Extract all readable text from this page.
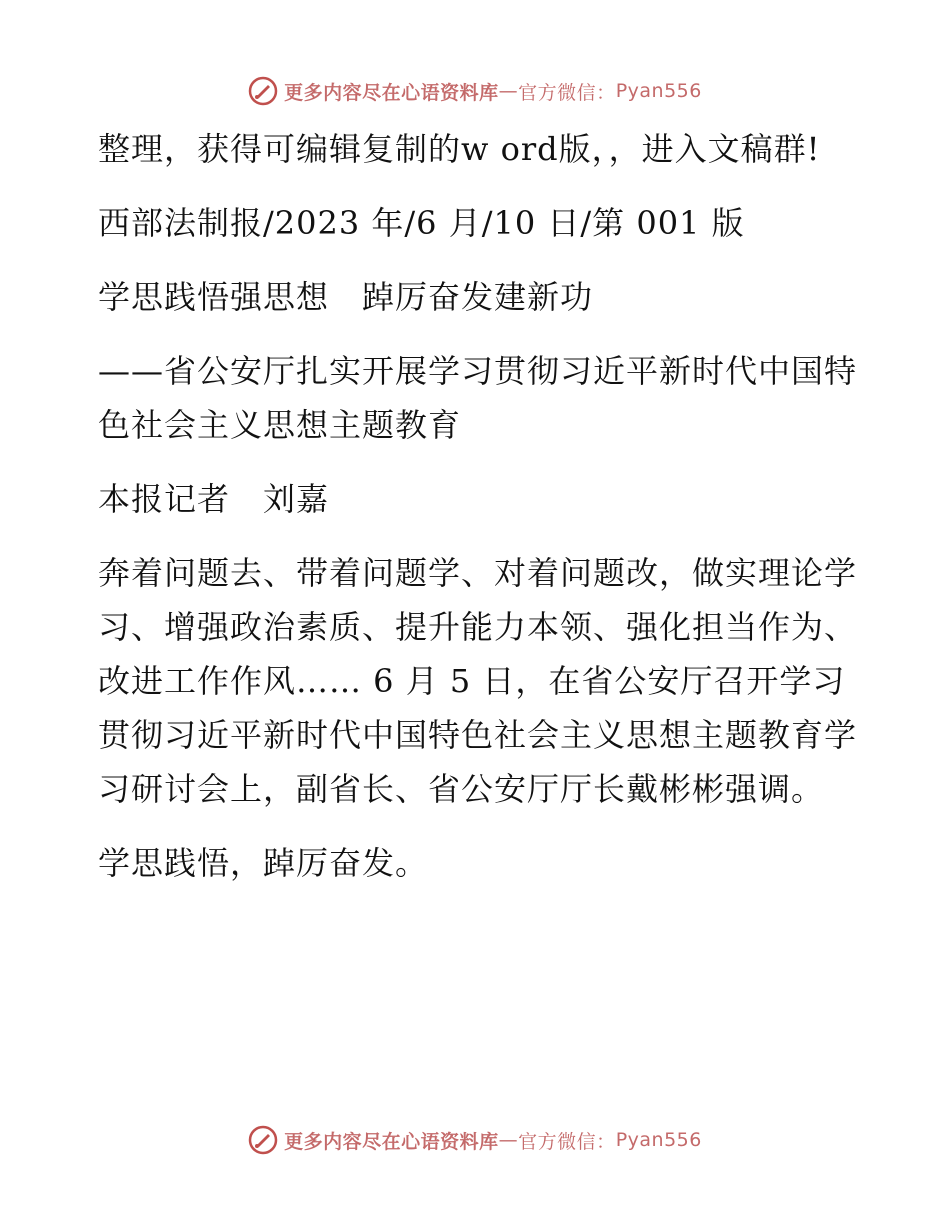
更多内容尽在心语资料库 — 官方微信： Pyan556

整理，获得可编辑复制的w ord版，，进入文稿群!

西部法制报/2023 年/6 月/10 日/第 001 版

学思践悟强思想　踔厉奋发建新功

——省公安厅扎实开展学习贯彻习近平新时代中国特色社会主义思想主题教育

本报记者　刘嘉

奔着问题去、带着问题学、对着问题改，做实理论学习、增强政治素质、提升能力本领、强化担当作为、改进工作作风…… 6 月 5 日，在省公安厅召开学习贯彻习近平新时代中国特色社会主义思想主题教育学习研讨会上，副省长、省公安厅厅长戴彬彬强调。

学思践悟，踔厉奋发。

更多内容尽在心语资料库 — 官方微信： Pyan556
